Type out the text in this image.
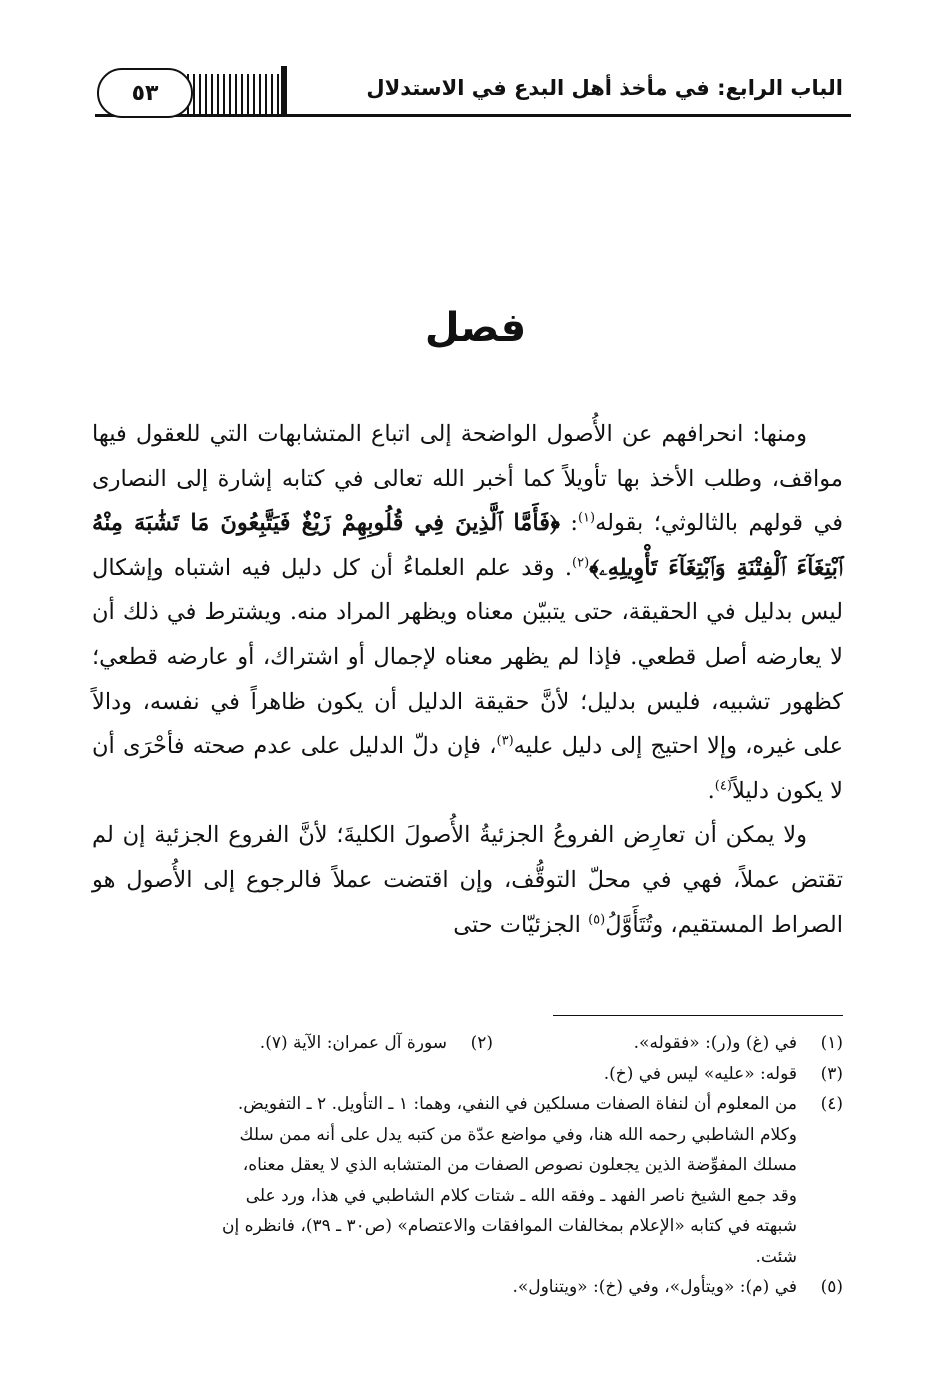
الباب الرابع: في مأخذ أهل البدع في الاستدلال
٥٣
فصل

ومنها: انحرافهم عن الأُصول الواضحة إلى اتباع المتشابهات التي للعقول فيها مواقف، وطلب الأخذ بها تأويلاً كما أخبر الله تعالى في كتابه إشارة إلى النصارى في قولهم بالثالوثي؛ بقوله$^{(١)}$: ﴿فَأَمَّا ٱلَّذِينَ فِي قُلُوبِهِمْ زَيْغٌ فَيَتَّبِعُونَ مَا تَشَٰبَهَ مِنْهُ ٱبْتِغَآءَ ٱلْفِتْنَةِ وَٱبْتِغَآءَ تَأْوِيلِهِۦ﴾$^{(٢)}$. وقد علم العلماءُ أن كل دليل فيه اشتباه وإشكال ليس بدليل في الحقيقة، حتى يتبيّن معناه ويظهر المراد منه. ويشترط في ذلك أن لا يعارضه أصل قطعي. فإذا لم يظهر معناه لإجمال أو اشتراك، أو عارضه قطعي؛ كظهور تشبيه، فليس بدليل؛ لأنَّ حقيقة الدليل أن يكون ظاهراً في نفسه، ودالاً على غيره، وإلا احتيج إلى دليل عليه$^{(٣)}$، فإن دلّ الدليل على عدم صحته فأحْرَى أن لا يكون دليلاً$^{(٤)}$.

ولا يمكن أن تعارِض الفروعُ الجزئيةُ الأُصولَ الكليةَ؛ لأنَّ الفروع الجزئية إن لم تقتض عملاً، فهي في محلّ التوقُّف، وإن اقتضت عملاً فالرجوع إلى الأُصول هو الصراط المستقيم، وتُتَأَوَّلُ$^{(٥)}$ الجزئيّات حتى

(١)
في (غ) و(ر): «فقوله».
(٢)
سورة آل عمران: الآية (٧).
(٣)
قوله: «عليه» ليس في (خ).
(٤)
من المعلوم أن لنفاة الصفات مسلكين في النفي، وهما: ١ ـ التأويل. ٢ ـ التفويض.
وكلام الشاطبي رحمه الله هنا، وفي مواضع عدّة من كتبه يدل على أنه ممن سلك
مسلك المفوِّضة الذين يجعلون نصوص الصفات من المتشابه الذي لا يعقل معناه،
وقد جمع الشيخ ناصر الفهد ـ وفقه الله ـ شتات كلام الشاطبي في هذا، ورد على
شبهته في كتابه «الإعلام بمخالفات الموافقات والاعتصام» (ص٣٠ ـ ٣٩)، فانظره إن
شئت.
(٥)
في (م): «ويتأول»، وفي (خ): «ويتناول».
